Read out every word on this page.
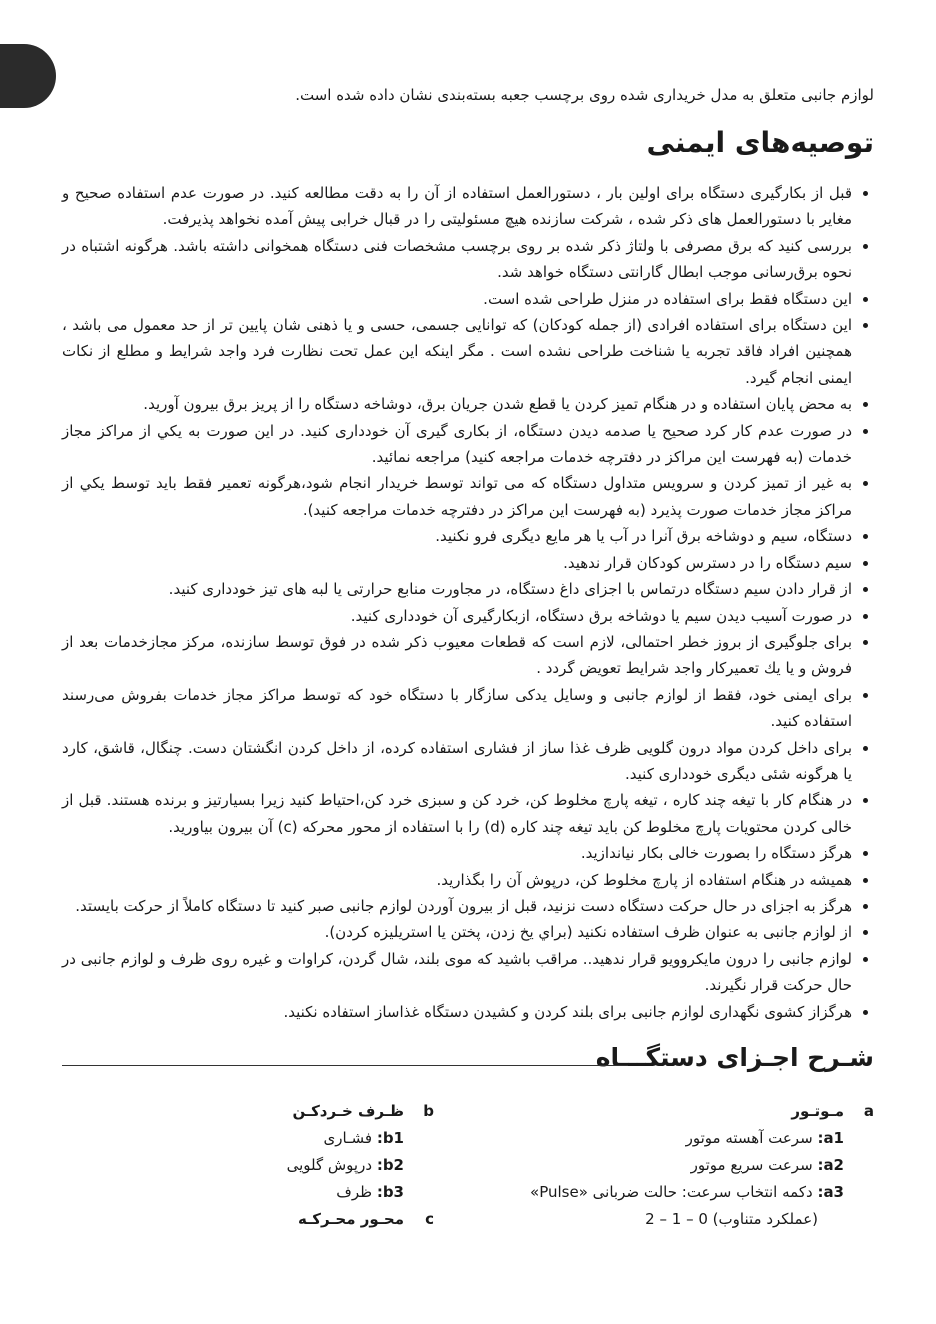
لوازم جانبی متعلق به مدل خریداری شده روی برچسب جعبه بسته‌بندی نشان داده شده است.
توصیه‌های ایمنی
قبل از بکارگیری دستگاه برای اولین بار ، دستورالعمل استفاده از آن را به دقت مطالعه کنید. در صورت عدم استفاده صحیح و مغایر با دستورالعمل های ذکر شده ، شرکت سازنده هیچ مسئولیتی را در قبال خرابی پیش آمده نخواهد پذیرفت.
بررسی کنید که برق مصرفی با ولتاژ ذکر شده بر روی برچسب مشخصات فنی دستگاه همخوانی داشته باشد. هرگونه اشتباه در نحوه برق‌رسانی موجب ابطال گارانتی دستگاه خواهد شد.
این دستگاه فقط برای استفاده در منزل طراحی شده است.
این دستگاه برای استفاده افرادی (از جمله کودکان) که توانایی جسمی، حسی و یا ذهنی شان پایین تر از حد معمول می باشد ، همچنین افراد فاقد تجربه یا شناخت طراحی نشده است . مگر اینکه این عمل تحت نظارت فرد واجد شرایط و مطلع از نکات ایمنی انجام گیرد.
به محض پایان استفاده و در هنگام تمیز کردن یا قطع شدن جریان برق، دوشاخه دستگاه را از پریز برق بیرون آورید.
در صورت عدم کار کرد صحیح یا صدمه دیدن دستگاه، از بکاری گیری آن خودداری کنید. در این صورت به يکي از مراکز مجاز خدمات (به فهرست این مراکز در دفترچه خدمات مراجعه کنید) مراجعه نمائید.
به غیر از تمیز کردن و سرویس متداول دستگاه که می تواند توسط خریدار انجام شود،هرگونه تعمیر فقط باید توسط يکي از مراکز مجاز خدمات صورت پذیرد (به فهرست این مراکز در دفترچه خدمات مراجعه کنید).
دستگاه، سیم و دوشاخه برق آنرا در آب یا هر مایع دیگری فرو نکنید.
سیم دستگاه را در دسترس کودکان قرار ندهید.
از قرار دادن سیم دستگاه درتماس با اجزای داغ دستگاه، در مجاورت منابع حرارتی یا لبه های تیز خودداری کنید.
در صورت آسیب دیدن سیم یا دوشاخه برق دستگاه، ازبکارگیری آن خودداری کنید.
برای جلوگیری از بروز خطر احتمالی، لازم است که قطعات معیوب ذکر شده در فوق توسط سازنده، مرکز مجازخدمات بعد از فروش و یا يك تعمیرکار واجد شرایط تعویض گردد .
برای ایمنی خود، فقط از لوازم جانبی و وسایل یدکی سازگار با دستگاه خود که توسط مراکز مجاز خدمات بفروش می‌رسند استفاده کنید.
برای داخل کردن مواد درون گلویی ظرف غذا ساز از فشاری استفاده کرده، از داخل کردن انگشتان دست. چنگال، قاشق، کارد یا هرگونه شئی دیگری خودداری کنید.
در هنگام کار با تیغه چند کاره ، تیغه پارچ مخلوط کن، خرد کن و سبزی خرد کن،احتیاط کنید زیرا بسیارتیز و برنده هستند. قبل از خالی کردن محتویات پارچ مخلوط کن باید تیغه چند کاره (d) را با استفاده از محور محرکه (c) آن بیرون بیاورید.
هرگز دستگاه را بصورت خالی بکار نیاندازید.
همیشه در هنگام استفاده از پارچ مخلوط کن، درپوش آن را بگذارید.
هرگز به اجزای در حال حرکت دستگاه دست نزنید، قبل از بیرون آوردن لوازم جانبی صبر کنید تا دستگاه کاملاً از حرکت بایستد.
از لوازم جانبی به عنوان ظرف استفاده نکنید (براي يخ زدن، پختن يا استریلیزه کردن).
لوازم جانبی را درون مایکروویو قرار ندهید.. مراقب باشید که موی بلند، شال گردن، کراوات و غیره روی ظرف و لوازم جانبی در حال حرکت قرار نگیرند.
هرگزاز کشوی نگهداری لوازم جانبی برای بلند کردن و کشیدن دستگاه غذاساز استفاده نکنید.
شـرح اجـزای دستگـــاه
a
مـوتـور
a1
:

سرعت آهسته موتور
a2
:

سرعت سریع موتور
a3
:

دکمه انتخاب سرعت: حالت ضربانی «Pulse»
(عملکرد متناوب) 0 – 1 – 2
b
ظـرف خـردکـن
b1
:

فشـاری
b2
:

درپوش گلویی
b3
:

ظرف
c
محـور محـرکـه
